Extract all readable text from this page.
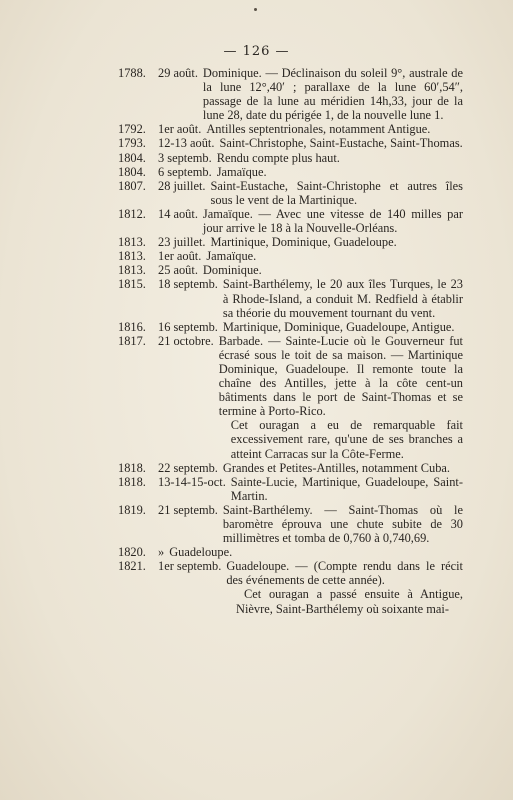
— 126 —
1788. 29 août. Dominique. — Déclinaison du soleil 9°, australe de la lune 12°,40′ ; parallaxe de la lune 60′,54″, passage de la lune au méridien 14h,33, jour de la lune 28, date du périgée 1, de la nouvelle lune 1.
1792. 1er août. Antilles septentrionales, notamment Antigue.
1793. 12-13 août. Saint-Christophe, Saint-Eustache, Saint-Thomas.
1804. 3 septemb. Rendu compte plus haut.
1804. 6 septemb. Jamaïque.
1807. 28 juillet. Saint-Eustache, Saint-Christophe et autres îles sous le vent de la Martinique.
1812. 14 août. Jamaïque. — Avec une vitesse de 140 milles par jour arrive le 18 à la Nouvelle-Orléans.
1813. 23 juillet. Martinique, Dominique, Guadeloupe.
1813. 1er août. Jamaïque.
1813. 25 août. Dominique.
1815. 18 septemb. Saint-Barthélemy, le 20 aux îles Turques, le 23 à Rhode-Island, a conduit M. Redfield à établir sa théorie du mouvement tournant du vent.
1816. 16 septemb. Martinique, Dominique, Guadeloupe, Antigue.
1817. 21 octobre. Barbade. — Sainte-Lucie où le Gouverneur fut écrasé sous le toit de sa maison. — Martinique Dominique, Guadeloupe. Il remonte toute la chaîne des Antilles, jette à la côte cent-un bâtiments dans le port de Saint-Thomas et se termine à Porto-Rico.
Cet ouragan a eu de remarquable fait excessivement rare, qu'une de ses branches a atteint Carracas sur la Côte-Ferme.
1818. 22 septemb. Grandes et Petites-Antilles, notamment Cuba.
1818. 13-14-15-oct. Sainte-Lucie, Martinique, Guadeloupe, Saint-Martin.
1819. 21 septemb. Saint-Barthélemy. — Saint-Thomas où le baromètre éprouva une chute subite de 30 millimètres et tomba de 0,760 à 0,740,69.
1820. » Guadeloupe.
1821. 1er septemb. Guadeloupe. — (Compte rendu dans le récit des événements de cette année).
Cet ouragan a passé ensuite à Antigue, Nièvre, Saint-Barthélemy où soixante mai-
